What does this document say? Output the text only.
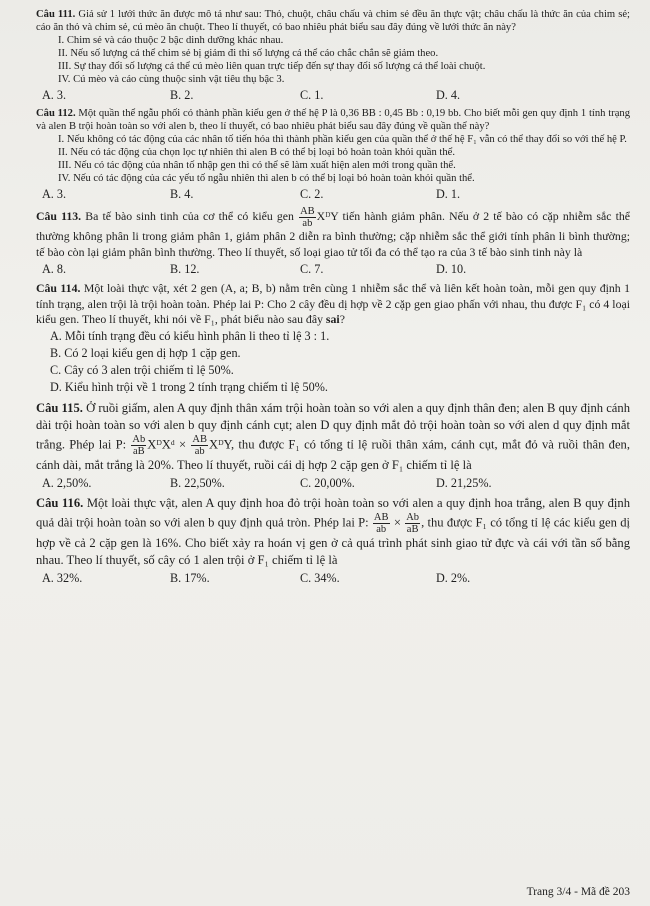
Câu 111. Giả sử 1 lưới thức ăn được mô tả như sau: Thỏ, chuột, châu chấu và chim sẻ đều ăn thực vật; châu chấu là thức ăn của chim sẻ; cáo ăn thỏ và chim sẻ, cú mèo ăn chuột. Theo lí thuyết, có bao nhiêu phát biểu sau đây đúng về lưới thức ăn này?

I. Chim sẻ và cáo thuộc 2 bậc dinh dưỡng khác nhau.

II. Nếu số lượng cá thể chim sẻ bị giảm đi thì số lượng cá thể cáo chắc chắn sẽ giảm theo.

III. Sự thay đổi số lượng cá thể cú mèo liên quan trực tiếp đến sự thay đổi số lượng cá thể loài chuột.

IV. Cú mèo và cáo cùng thuộc sinh vật tiêu thụ bậc 3.

A. 3.	B. 2.	C. 1.	D. 4.

Câu 112. Một quần thể ngẫu phối có thành phần kiểu gen ở thế hệ P là 0,36 BB : 0,45 Bb : 0,19 bb. Cho biết mỗi gen quy định 1 tính trạng và alen B trội hoàn toàn so với alen b, theo lí thuyết, có bao nhiêu phát biểu sau đây đúng về quần thể này?

I. Nếu không có tác động của các nhân tố tiến hóa thì thành phần kiểu gen của quần thể ở thế hệ F₁ vẫn có thể thay đổi so với thế hệ P.

II. Nếu có tác động của chọn lọc tự nhiên thì alen B có thể bị loại bỏ hoàn toàn khỏi quần thể.

III. Nếu có tác động của nhân tố nhập gen thì có thể sẽ làm xuất hiện alen mới trong quần thể.

IV. Nếu có tác động của các yếu tố ngẫu nhiên thì alen b có thể bị loại bỏ hoàn toàn khỏi quần thể.

A. 3.	B. 4.	C. 2.	D. 1.

Câu 113. Ba tế bào sinh tinh của cơ thể có kiểu gen $\frac{AB}{ab}$ XᴰY tiến hành giảm phân. Nếu ở 2 tế bào có cặp nhiễm sắc thể thường không phân li trong giảm phân 1, giảm phân 2 diễn ra bình thường; cặp nhiễm sắc thể giới tính phân li bình thường; tế bào còn lại giảm phân bình thường. Theo lí thuyết, số loại giao tử tối đa có thể tạo ra của 3 tế bào sinh tinh này là

A. 8.	B. 12.	C. 7.	D. 10.

Câu 114. Một loài thực vật, xét 2 gen (A, a; B, b) nằm trên cùng 1 nhiễm sắc thể và liên kết hoàn toàn, mỗi gen quy định 1 tính trạng, alen trội là trội hoàn toàn. Phép lai P: Cho 2 cây đều dị hợp về 2 cặp gen giao phấn với nhau, thu được F₁ có 4 loại kiểu gen. Theo lí thuyết, khi nói về F₁, phát biểu nào sau đây sai?

A. Mỗi tính trạng đều có kiểu hình phân li theo tỉ lệ 3 : 1.
B. Có 2 loại kiểu gen dị hợp 1 cặp gen.
C. Cây có 3 alen trội chiếm tỉ lệ 50%.
D. Kiểu hình trội về 1 trong 2 tính trạng chiếm tỉ lệ 50%.

Câu 115. Ở ruồi giấm, alen A quy định thân xám trội hoàn toàn so với alen a quy định thân đen; alen B quy định cánh dài trội hoàn toàn so với alen b quy định cánh cụt; alen D quy định mắt đỏ trội hoàn toàn so với alen d quy định mắt trắng. Phép lai P: $\frac{Ab}{aB}$ XᴰXᵈ × $\frac{AB}{ab}$ XᴰY, thu được F₁ có tổng tỉ lệ ruồi thân xám, cánh cụt, mắt đỏ và ruồi thân đen, cánh dài, mắt trắng là 20%. Theo lí thuyết, ruồi cái dị hợp 2 cặp gen ở F₁ chiếm tỉ lệ là

A. 2,50%.	B. 22,50%.	C. 20,00%.	D. 21,25%.

Câu 116. Một loài thực vật, alen A quy định hoa đỏ trội hoàn toàn so với alen a quy định hoa trắng, alen B quy định quả dài trội hoàn toàn so với alen b quy định quả tròn. Phép lai P: $\frac{AB}{ab} \times \frac{Ab}{aB}$ , thu được F₁ có tổng tỉ lệ các kiểu gen dị hợp về cả 2 cặp gen là 16%. Cho biết xảy ra hoán vị gen ở cả quá trình phát sinh giao tử đực và cái với tần số bằng nhau. Theo lí thuyết, số cây có 1 alen trội ở F₁ chiếm tỉ lệ là

A. 32%.	B. 17%.	C. 34%.	D. 2%.
Trang 3/4 - Mã đề 203
